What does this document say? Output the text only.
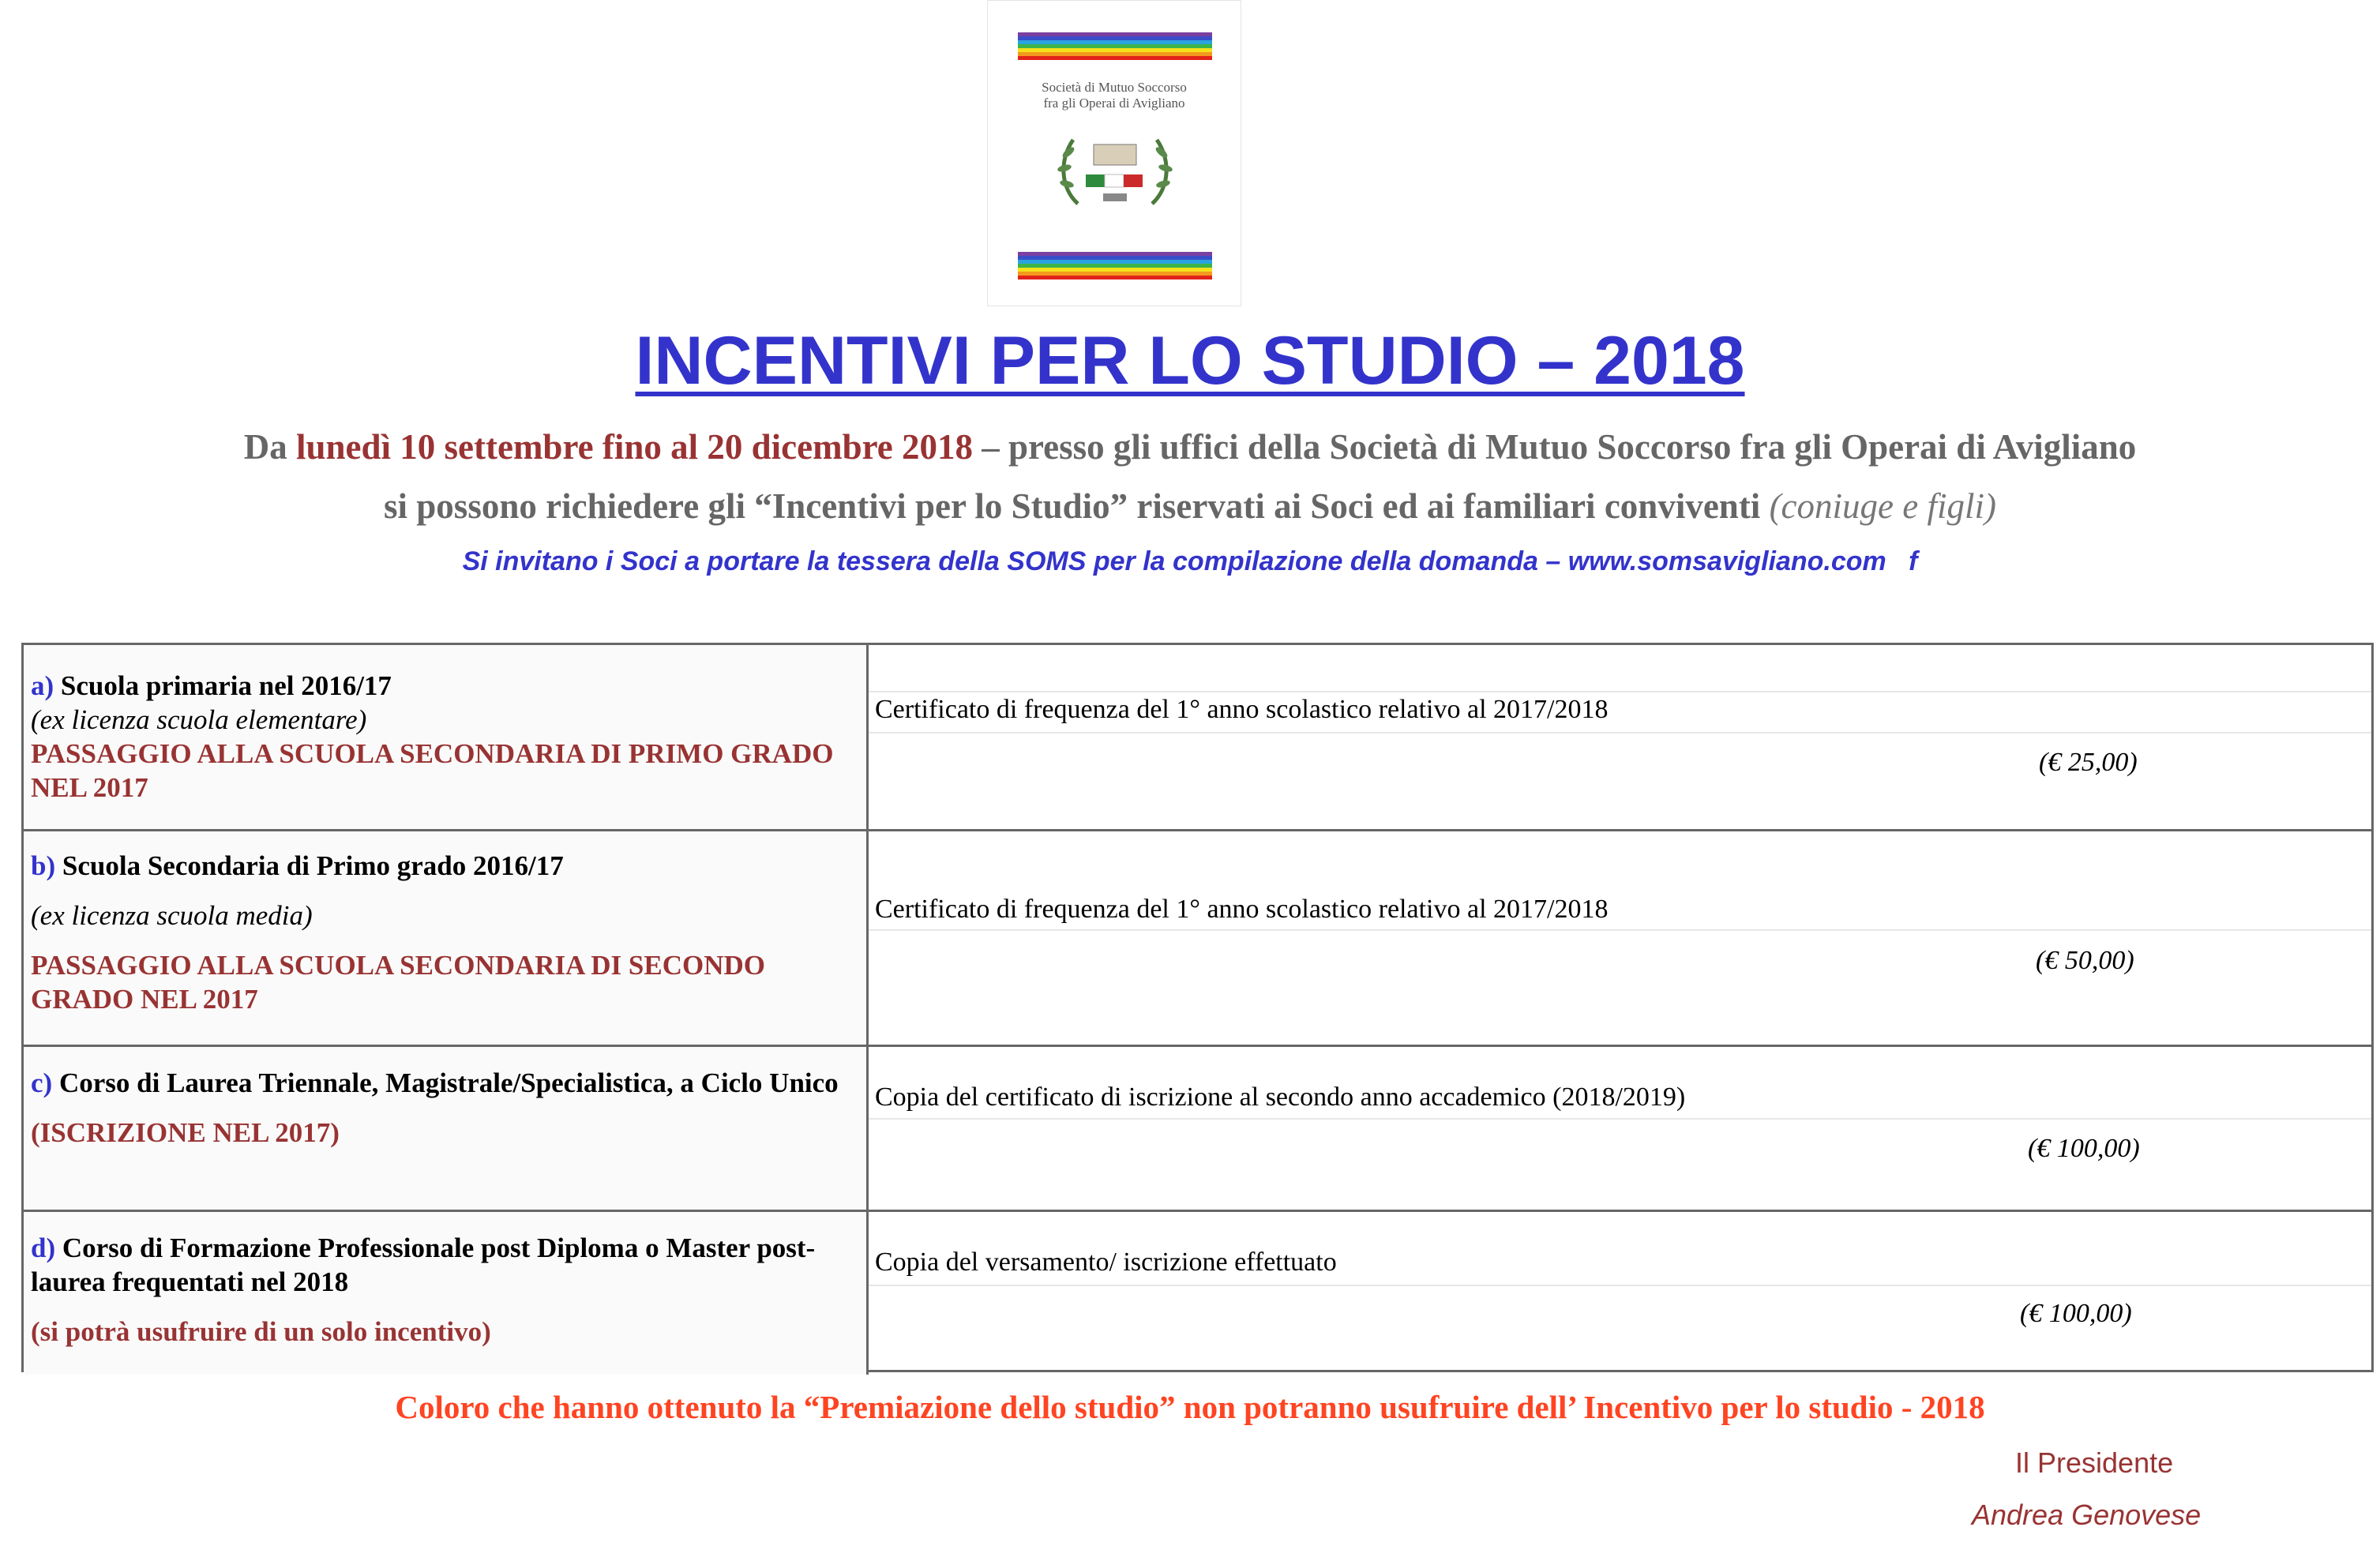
Società di Mutuo Soccorso
fra gli Operai di Avigliano
INCENTIVI PER LO STUDIO – 2018
Da lunedì 10 settembre fino al 20 dicembre 2018 – presso gli uffici della Società di Mutuo Soccorso fra gli Operai di Avigliano
si possono richiedere gli “Incentivi per lo Studio” riservati ai Soci ed ai familiari conviventi (coniuge e figli)
Si invitano i Soci a portare la tessera della SOMS per la compilazione della domanda – www.somsavigliano.com   f
a) Scuola primaria nel 2016/17
(ex licenza scuola elementare)
PASSAGGIO ALLA SCUOLA SECONDARIA DI PRIMO GRADO NEL 2017
Certificato di frequenza del 1° anno scolastico relativo al 2017/2018
(€ 25,00)
b) Scuola Secondaria di Primo grado 2016/17
(ex licenza scuola media)
PASSAGGIO ALLA SCUOLA SECONDARIA DI SECONDO GRADO NEL 2017
Certificato di frequenza del 1° anno scolastico relativo al 2017/2018
(€ 50,00)
c) Corso di Laurea Triennale, Magistrale/Specialistica, a Ciclo Unico
(ISCRIZIONE NEL 2017)
Copia del certificato di iscrizione al secondo anno accademico (2018/2019)
(€ 100,00)
d) Corso di Formazione Professionale post Diploma o Master post-laurea frequentati nel 2018
(si potrà usufruire di un solo incentivo)
Copia del versamento/ iscrizione effettuato
(€ 100,00)
Coloro che hanno ottenuto la “Premiazione dello studio” non potranno usufruire dell’ Incentivo per lo studio - 2018
Il Presidente
Andrea Genovese
